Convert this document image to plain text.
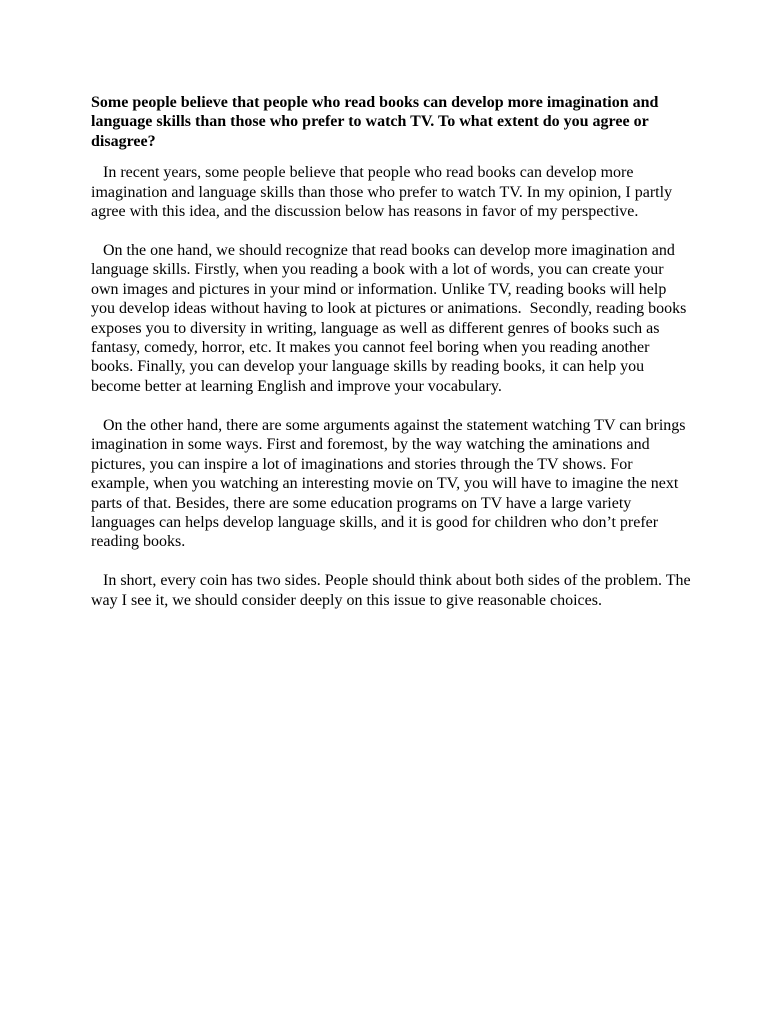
Some people believe that people who read books can develop more imagination and language skills than those who prefer to watch TV. To what extent do you agree or disagree?

In recent years, some people believe that people who read books can develop more imagination and language skills than those who prefer to watch TV. In my opinion, I partly agree with this idea, and the discussion below has reasons in favor of my perspective.

On the one hand, we should recognize that read books can develop more imagination and language skills. Firstly, when you reading a book with a lot of words, you can create your own images and pictures in your mind or information. Unlike TV, reading books will help you develop ideas without having to look at pictures or animations.  Secondly, reading books exposes you to diversity in writing, language as well as different genres of books such as fantasy, comedy, horror, etc. It makes you cannot feel boring when you reading another books. Finally, you can develop your language skills by reading books, it can help you become better at learning English and improve your vocabulary.

On the other hand, there are some arguments against the statement watching TV can brings imagination in some ways. First and foremost, by the way watching the aminations and pictures, you can inspire a lot of imaginations and stories through the TV shows. For example, when you watching an interesting movie on TV, you will have to imagine the next parts of that. Besides, there are some education programs on TV have a large variety languages can helps develop language skills, and it is good for children who don’t prefer reading books.

In short, every coin has two sides. People should think about both sides of the problem. The way I see it, we should consider deeply on this issue to give reasonable choices.
